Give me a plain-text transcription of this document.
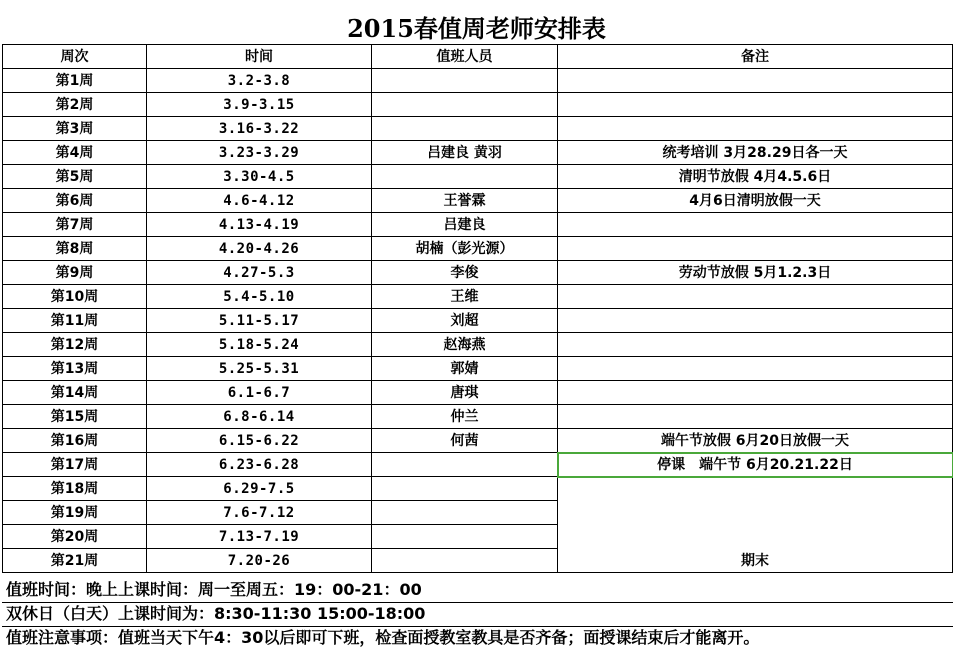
2015春值周老师安排表
周次	时间	值班人员	备注
第1周	3.2-3.8		
第2周	3.9-3.15		
第3周	3.16-3.22		
第4周	3.23-3.29	吕建良 黄羽	统考培训 3月28.29日各一天
第5周	3.30-4.5		清明节放假 4月4.5.6日
第6周	4.6-4.12	王誉霖	4月6日清明放假一天
第7周	4.13-4.19	吕建良	
第8周	4.20-4.26	胡楠（彭光源）	
第9周	4.27-5.3	李俊	劳动节放假 5月1.2.3日
第10周	5.4-5.10	王维	
第11周	5.11-5.17	刘超	
第12周	5.18-5.24	赵海燕	
第13周	5.25-5.31	郭婧	
第14周	6.1-6.7	唐琪	
第15周	6.8-6.14	仲兰	
第16周	6.15-6.22	何茜	端午节放假 6月20日放假一天
第17周	6.23-6.28		停课　端午节 6月20.21.22日
第18周	6.29-7.5		期末
第19周	7.6-7.12		
第20周	7.13-7.19		
第21周	7.20-26		
值班时间：晚上上课时间：周一至周五：19：00-21：00
双休日（白天）上课时间为：8:30-11:30 15:00-18:00
值班注意事项：值班当天下午4：30以后即可下班，检查面授教室教具是否齐备；面授课结束后才能离开。
